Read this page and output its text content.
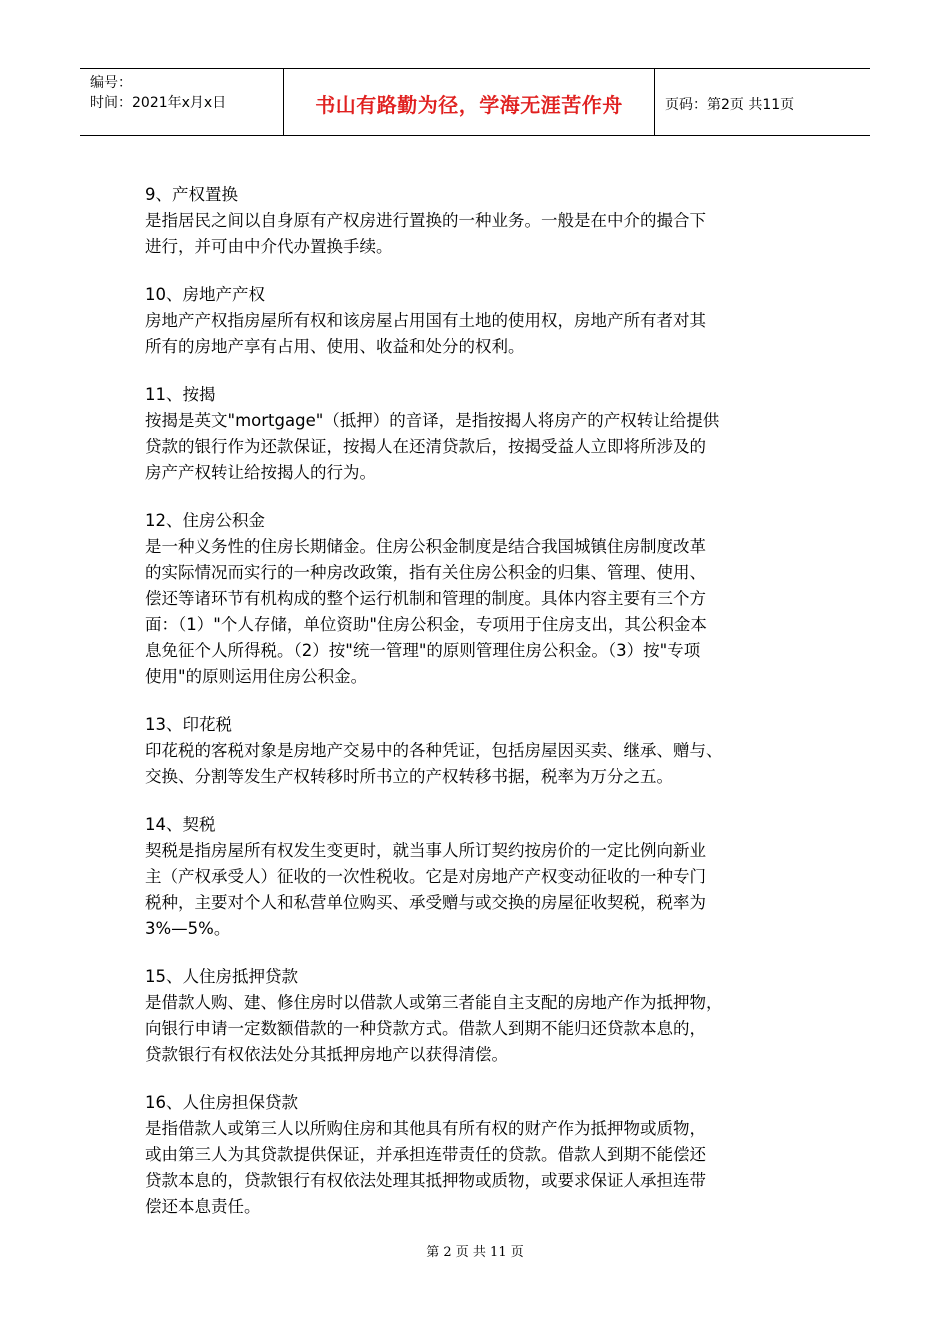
编号：
时间：2021年x月x日	书山有路勤为径，学海无涯苦作舟	页码：第2页 共11页
9、产权置换
是指居民之间以自身原有产权房进行置换的一种业务。一般是在中介的撮合下
进行，并可由中介代办置换手续。
10、房地产产权
房地产产权指房屋所有权和该房屋占用国有土地的使用权，房地产所有者对其
所有的房地产享有占用、使用、收益和处分的权利。
11、按揭
按揭是英文"mortgage"（抵押）的音译，是指按揭人将房产的产权转让给提供
贷款的银行作为还款保证，按揭人在还清贷款后，按揭受益人立即将所涉及的
房产产权转让给按揭人的行为。
12、住房公积金
是一种义务性的住房长期储金。住房公积金制度是结合我国城镇住房制度改革
的实际情况而实行的一种房改政策，指有关住房公积金的归集、管理、使用、
偿还等诸环节有机构成的整个运行机制和管理的制度。具体内容主要有三个方
面：（1）"个人存储，单位资助"住房公积金，专项用于住房支出，其公积金本
息免征个人所得税。（2）按"统一管理"的原则管理住房公积金。（3）按"专项
使用"的原则运用住房公积金。
13、印花税
印花税的客税对象是房地产交易中的各种凭证，包括房屋因买卖、继承、赠与、
交换、分割等发生产权转移时所书立的产权转移书据，税率为万分之五。
14、契税
契税是指房屋所有权发生变更时，就当事人所订契约按房价的一定比例向新业
主（产权承受人）征收的一次性税收。它是对房地产产权变动征收的一种专门
税种，主要对个人和私营单位购买、承受赠与或交换的房屋征收契税，税率为
3%—5%。
15、人住房抵押贷款
是借款人购、建、修住房时以借款人或第三者能自主支配的房地产作为抵押物，
向银行申请一定数额借款的一种贷款方式。借款人到期不能归还贷款本息的，
贷款银行有权依法处分其抵押房地产以获得清偿。
16、人住房担保贷款
是指借款人或第三人以所购住房和其他具有所有权的财产作为抵押物或质物，
或由第三人为其贷款提供保证，并承担连带责任的贷款。借款人到期不能偿还
贷款本息的，贷款银行有权依法处理其抵押物或质物，或要求保证人承担连带
偿还本息责任。
第 2 页 共 11 页
